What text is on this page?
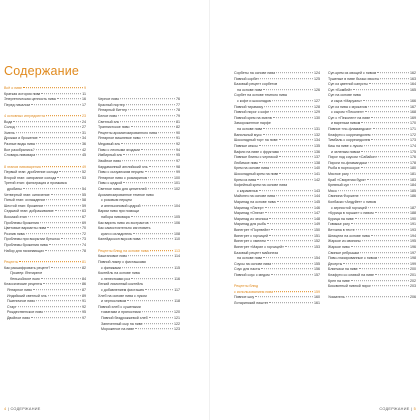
Содержание
Всё о пиве	9
Краткая история пива	11
Энергетическая ценность пива	16
Перед началом	17
4 основных ингредиента	23
Вода	24
Солод	27
Хмель	31
Дрожжи и брожение	34
Разные виды пива	36
Все разобрались?	42
Словарь пивовара	45
8 этапов пивоварения	49
Первый этап: дробление солода	52
Второй этап: затирание солода	53
Третий этап: фильтрация и промывка
дробины	54
Четвертый этап: кипячение	55
Пятый этап: охлаждение	58
Шестой этап: брожение	59
Седьмой этап: дображивание	63
Восьмой этап	67
Проблемы брожения	69
Цветовые варианты пива	70
Розлив пива	72
Проблемы при вскрытии бутылок	73
Проблемы брожения пива	74
Набор для начинающих	78
Рецепты	81
Как расшифровать рецепт?	82
Пример: Янтарное
бельгийское пиво	84
Классические рецепты	86
Янтарное пиво	87
Индийский светлый эль	89
Пшеничное пиво	91
Стаут	92
Рождественское пиво	95
Двойное пиво	97
Черное пиво	76
Красный портер	77
Янтарный биттер	78
Белое пиво	79
Светлый эль	81
Траппистское пиво	82
Рецепты ароматизированного пива	90
Янтарное вишневое пиво	91
Медовый эль	92
Пиво с лесными ягодами	94
Имбирный эль	95
Хвойное пиво	97
Кардамонный английский эль	98
Пиво с сычуанским перцем	99
Янтарное пиво с розмарином	100
Пиво с цедрой	101
Светлое пиво для ценителей	102
Ароматизированное темное пиво
с розовым перцем
и апельсиновой цедрой	104
Варим пиво при помощи
набора пивовара	105
Как варить пиво из экстрактов	106
Как самостоятельно изготовить
кран и охладитель	108
Калейдоскоп вкусов пива	110
Рецепты блюд на основе пива	113
Каштановое пиво	114
Пивной ликер с фисташками
с финиками	115
Коктейль на основе пива
с лепестками роз	116
Легкий лимонный коктейль
с добавлением фисташек	117
Хлеб на основе пива с луком
и черносливом	118
Пивной хлеб с сушеными
томатами и пряностями	120
Пивной бездрожжевой хлеб	121
Запеченный сыр на пиве	122
Мороженое на пиве	123
Сорбеты на основе пива	124
Пивной сорбет	125
Базовый рецепт сорбетов
на основе пива	126
Сорбет на основе темного пива
с кофе и шоколадом	127
Пивной тирамису	128
Пивной пирог с кофе	129
Пивной крем на хмелю	130
Замороженное парфе
на основе пива	131
Ванильный мусс	132
Шоколадный торт на пиве	134
Пивные кексы	135
Вафли на пиве с фруктами	136
Пивные блины с черникой	137
Любимое пиво	138
Крем на основе пива	140
Шоколадный крем на пиве	141
Крем из пива	142
Кофейный крем на основе пива
с карамелью	143
Майонез на основе пива	144
Маринад на основе пива	145
Маринад «Лагер»	146
Маринад «Онега»	147
Маринад из чеснока	148
Маринад для рыбы	149
Винегрет «Портвейн»	150
Винегрет с горчицей	151
Винегрет с хмелем	152
Винегрет «Марин с горчицей»	153
Базовый рецепт майонеза
на основе пива	154
Соусы на основе пива	155
Соус для пасты	156
Пивной соус с медом	157
Рецепты блюд
с использованием пива	159
Пивное шоу	160
Лотаринский пиштет	161
Суп-крем из овощей с пивом	162
Тушеные в пиве бычьи хвосты	163
Суп из цветной капусты	164
Суп «Бомбей»	165
Суп на основе пива
и сыра «Маруаль»	166
Суп из пива с мускатом	167
с сыром «Пеколен»	168
Суп с «Пеколен» на пиве	169
и вареным пивом	170
Пивное «по-фламандски»	171
Клафути с корреандолем	172
Тимбаль с корреандолем	173
Киш на пиве с луком	174
и зеленым пивом	175
Пирог под соусом «Сабайон»	176
Пироги по-фламандски	178
Рыба в портосоусе	180
Мясное рагу	181
Краб «Свирепая буря»	183
Кревный суп	184
Мясо	185
Свинина Форжене	186
Колбаски «Андуйет» с пивом
с зернистой горчицей	187
«Курица в горшке» с пивом	188
Курица на пиве	190
Говяжье рагу	191
Ветчина в тесте	193
Шницели на основе пива	194
Жаркое из свинины	195
Жаркое пиво	196
Свиные ребрышки	197
Пиво-глазированные с пивом	198
Десерты	199
Блинчики на пиве	200
Клафути со сливой на пиве	201
Креп на пиве	202
Бисквитный пивной пирог	203
Указатель	206
4 | СОДЕРЖАНИЕ	СОДЕРЖАНИЕ | 5
